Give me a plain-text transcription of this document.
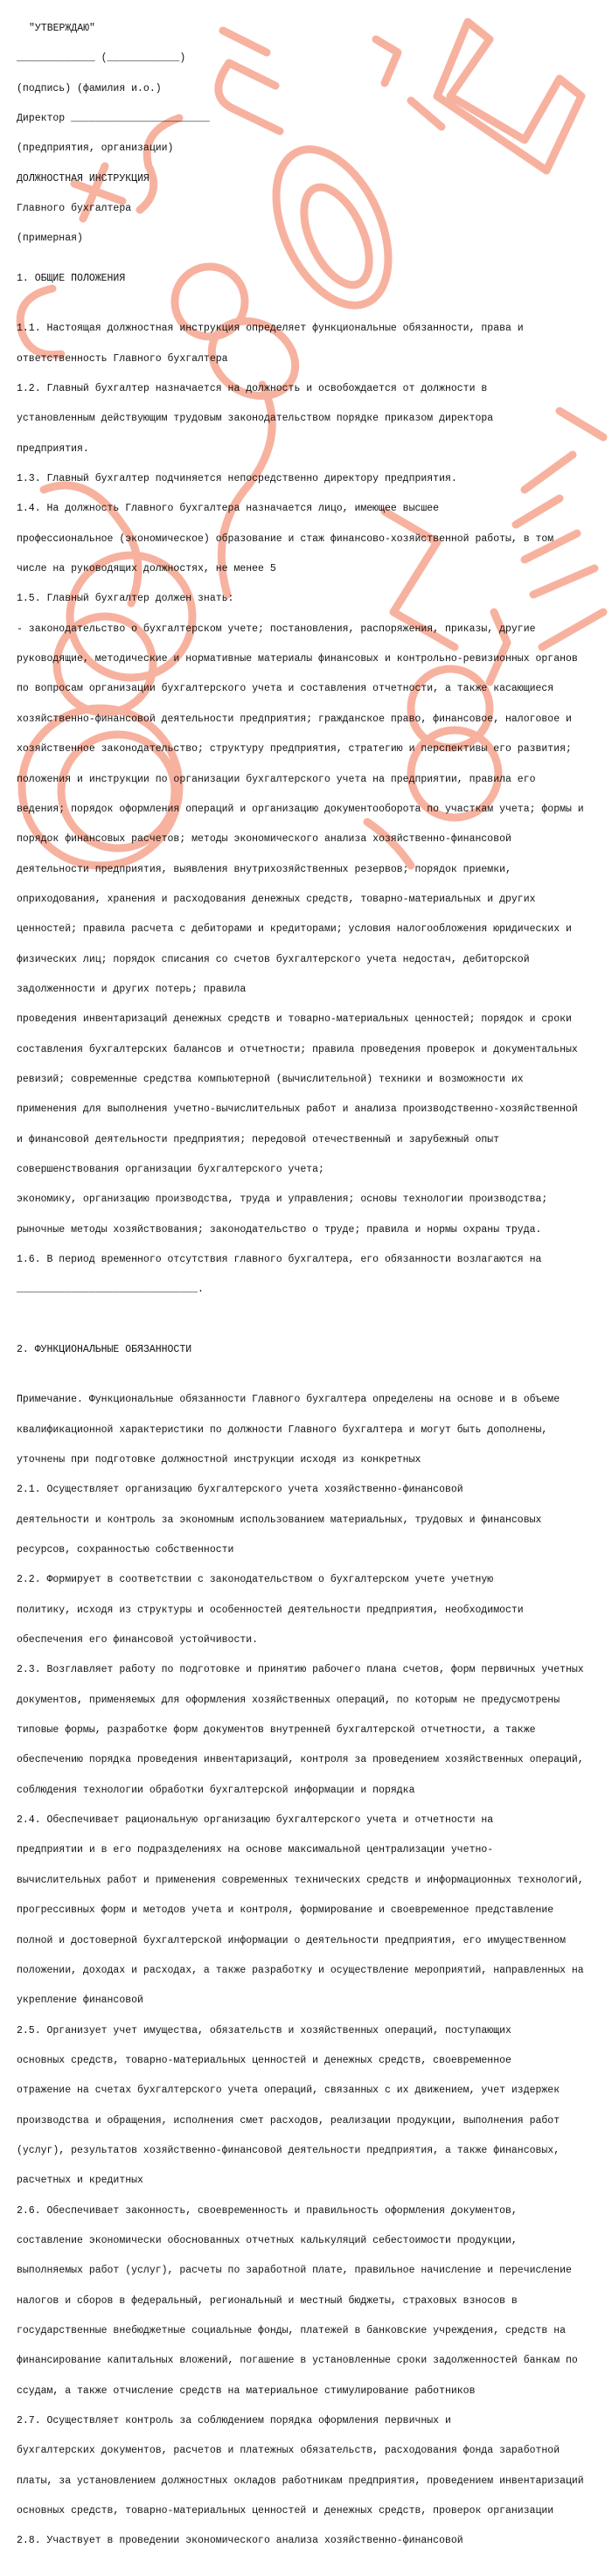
"УТВЕРЖДАЮ"

_____________ (____________)

(подпись) (фамилия и.о.)

Директор _______________________

(предприятия, организации)

ДОЛЖНОСТНАЯ ИНСТРУКЦИЯ

Главного бухгалтера

(примерная)

1. ОБЩИЕ ПОЛОЖЕНИЯ

1.1. Настоящая должностная инструкция определяет функциональные обязанности, права и

ответственность Главного бухгалтера

1.2. Главный бухгалтер назначается на должность и освобождается от должности в

установленным действующим трудовым законодательством порядке приказом директора

предприятия.

1.3. Главный бухгалтер подчиняется непосредственно директору предприятия.

1.4. На должность Главного бухгалтера назначается лицо, имеющее высшее

профессиональное (экономическое) образование и стаж финансово-хозяйственной работы, в том

числе на руководящих должностях, не менее 5

1.5. Главный бухгалтер должен знать:

- законодательство о бухгалтерском учете; постановления, распоряжения, приказы, другие

руководящие, методические и нормативные материалы финансовых и контрольно-ревизионных органов

по вопросам организации бухгалтерского учета и составления отчетности, а также касающиеся

хозяйственно-финансовой деятельности предприятия; гражданское право, финансовое, налоговое и

хозяйственное законодательство; структуру предприятия, стратегию и перспективы его развития;

положения и инструкции по организации бухгалтерского учета на предприятии, правила его

ведения; порядок оформления операций и организацию документооборота по участкам учета; формы и

порядок финансовых расчетов; методы экономического анализа хозяйственно-финансовой

деятельности предприятия, выявления внутрихозяйственных резервов; порядок приемки,

оприходования, хранения и расходования денежных средств, товарно-материальных и других

ценностей; правила расчета с дебиторами и кредиторами; условия налогообложения юридических и

физических лиц; порядок списания со счетов бухгалтерского учета недостач, дебиторской

задолженности и других потерь; правила

проведения инвентаризаций денежных средств и товарно-материальных ценностей; порядок и сроки

составления бухгалтерских балансов и отчетности; правила проведения проверок и документальных

ревизий; современные средства компьютерной (вычислительной) техники и возможности их

применения для выполнения учетно-вычислительных работ и анализа производственно-хозяйственной

и финансовой деятельности предприятия; передовой отечественный и зарубежный опыт

совершенствования организации бухгалтерского учета;

экономику, организацию производства, труда и управления; основы технологии производства;

рыночные методы хозяйствования; законодательство о труде; правила и нормы охраны труда.

1.6. В период временного отсутствия главного бухгалтера, его обязанности возлагаются на

______________________________.

2. ФУНКЦИОНАЛЬНЫЕ ОБЯЗАННОСТИ

Примечание. Функциональные обязанности Главного бухгалтера определены на основе и в объеме

квалификационной характеристики по должности Главного бухгалтера и могут быть дополнены,

уточнены при подготовке должностной инструкции исходя из конкретных

2.1. Осуществляет организацию бухгалтерского учета хозяйственно-финансовой

деятельности и контроль за экономным использованием материальных, трудовых и финансовых

ресурсов, сохранностью собственности

2.2. Формирует в соответствии с законодательством о бухгалтерском учете учетную

политику, исходя из структуры и особенностей деятельности предприятия, необходимости

обеспечения его финансовой устойчивости.

2.3. Возглавляет работу по подготовке и принятию рабочего плана счетов, форм первичных учетных

документов, применяемых для оформления хозяйственных операций, по которым не предусмотрены

типовые формы, разработке форм документов внутренней бухгалтерской отчетности, а также

обеспечению порядка проведения инвентаризаций, контроля за проведением хозяйственных операций,

соблюдения технологии обработки бухгалтерской информации и порядка

2.4. Обеспечивает рациональную организацию бухгалтерского учета и отчетности на

предприятии и в его подразделениях на основе максимальной централизации учетно-

вычислительных работ и применения современных технических средств и информационных технологий,

прогрессивных форм и методов учета и контроля, формирование и своевременное представление

полной и достоверной бухгалтерской информации о деятельности предприятия, его имущественном

положении, доходах и расходах, а также разработку и осуществление мероприятий, направленных на

укрепление финансовой

2.5. Организует учет имущества, обязательств и хозяйственных операций, поступающих

основных средств, товарно-материальных ценностей и денежных средств, своевременное

отражение на счетах бухгалтерского учета операций, связанных с их движением, учет издержек

производства и обращения, исполнения смет расходов, реализации продукции, выполнения работ

(услуг), результатов хозяйственно-финансовой деятельности предприятия, а также финансовых,

расчетных и кредитных

2.6. Обеспечивает законность, своевременность и правильность оформления документов,

составление экономически обоснованных отчетных калькуляций себестоимости продукции,

выполняемых работ (услуг), расчеты по заработной плате, правильное начисление и перечисление

налогов и сборов в федеральный, региональный и местный бюджеты, страховых взносов в

государственные внебюджетные социальные фонды, платежей в банковские учреждения, средств на

финансирование капитальных вложений, погашение в установленные сроки задолженностей банкам по

ссудам, а также отчисление средств на материальное стимулирование работников

2.7. Осуществляет контроль за соблюдением порядка оформления первичных и

бухгалтерских документов, расчетов и платежных обязательств, расходования фонда заработной

платы, за установлением должностных окладов работникам предприятия, проведением инвентаризаций

основных средств, товарно-материальных ценностей и денежных средств, проверок организации

2.8. Участвует в проведении экономического анализа хозяйственно-финансовой
